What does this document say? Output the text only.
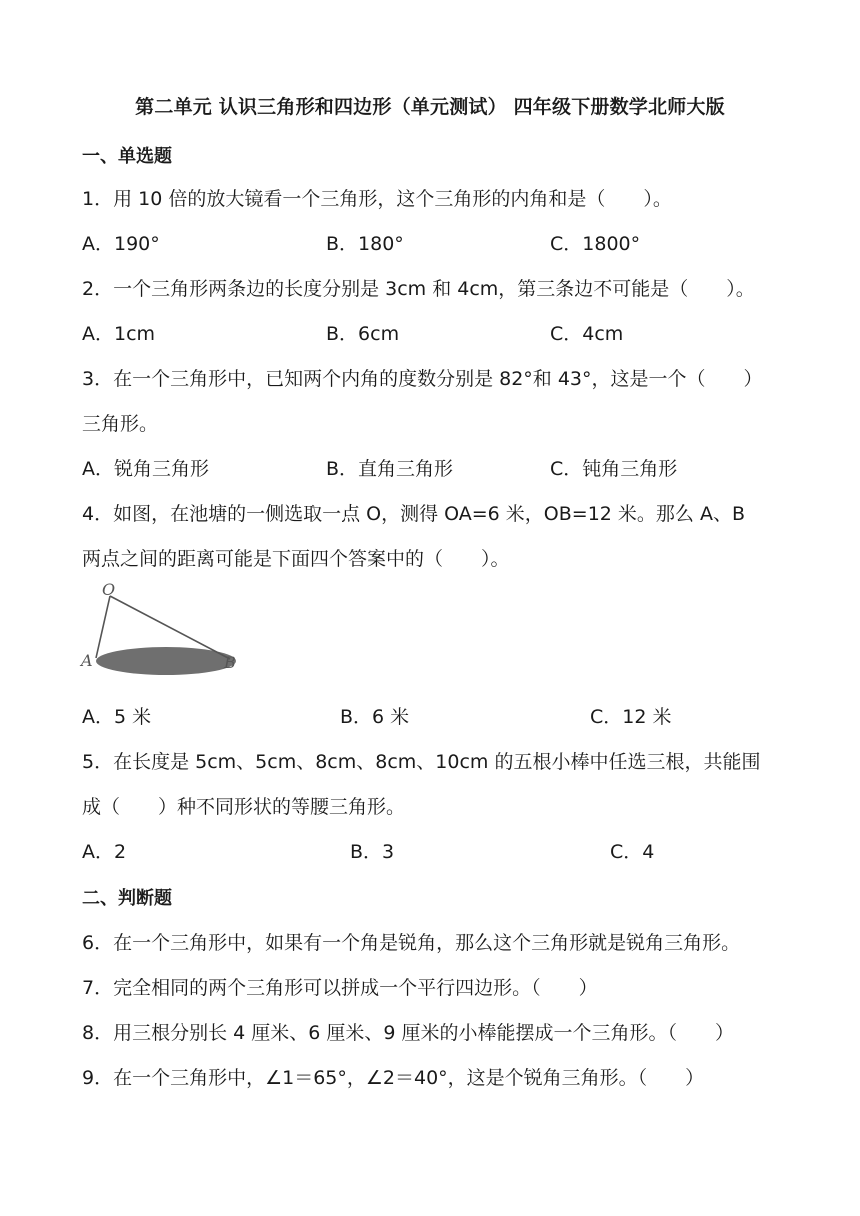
第二单元 认识三角形和四边形（单元测试） 四年级下册数学北师大版
一、单选题
1．用 10 倍的放大镜看一个三角形，这个三角形的内角和是（　　）。
A．190°	B．180°	C．1800°
2．一个三角形两条边的长度分别是 3cm 和 4cm，第三条边不可能是（　　）。
A．1cm	B．6cm	C．4cm
3．在一个三角形中，已知两个内角的度数分别是 82°和 43°，这是一个（　　）
三角形。
A．锐角三角形	B．直角三角形	C．钝角三角形
4．如图，在池塘的一侧选取一点 O，测得 OA=6 米，OB=12 米。那么 A、B
两点之间的距离可能是下面四个答案中的（　　）。
O
A	B
A．5 米	B．6 米	C．12 米
5．在长度是 5cm、5cm、8cm、8cm、10cm 的五根小棒中任选三根，共能围
成（　　）种不同形状的等腰三角形。
A．2	B．3	C．4
二、判断题
6．在一个三角形中，如果有一个角是锐角，那么这个三角形就是锐角三角形。
7．完全相同的两个三角形可以拼成一个平行四边形。（　　）
8．用三根分别长 4 厘米、6 厘米、9 厘米的小棒能摆成一个三角形。（　　）
9．在一个三角形中，∠1＝65°，∠2＝40°，这是个锐角三角形。（　　）
